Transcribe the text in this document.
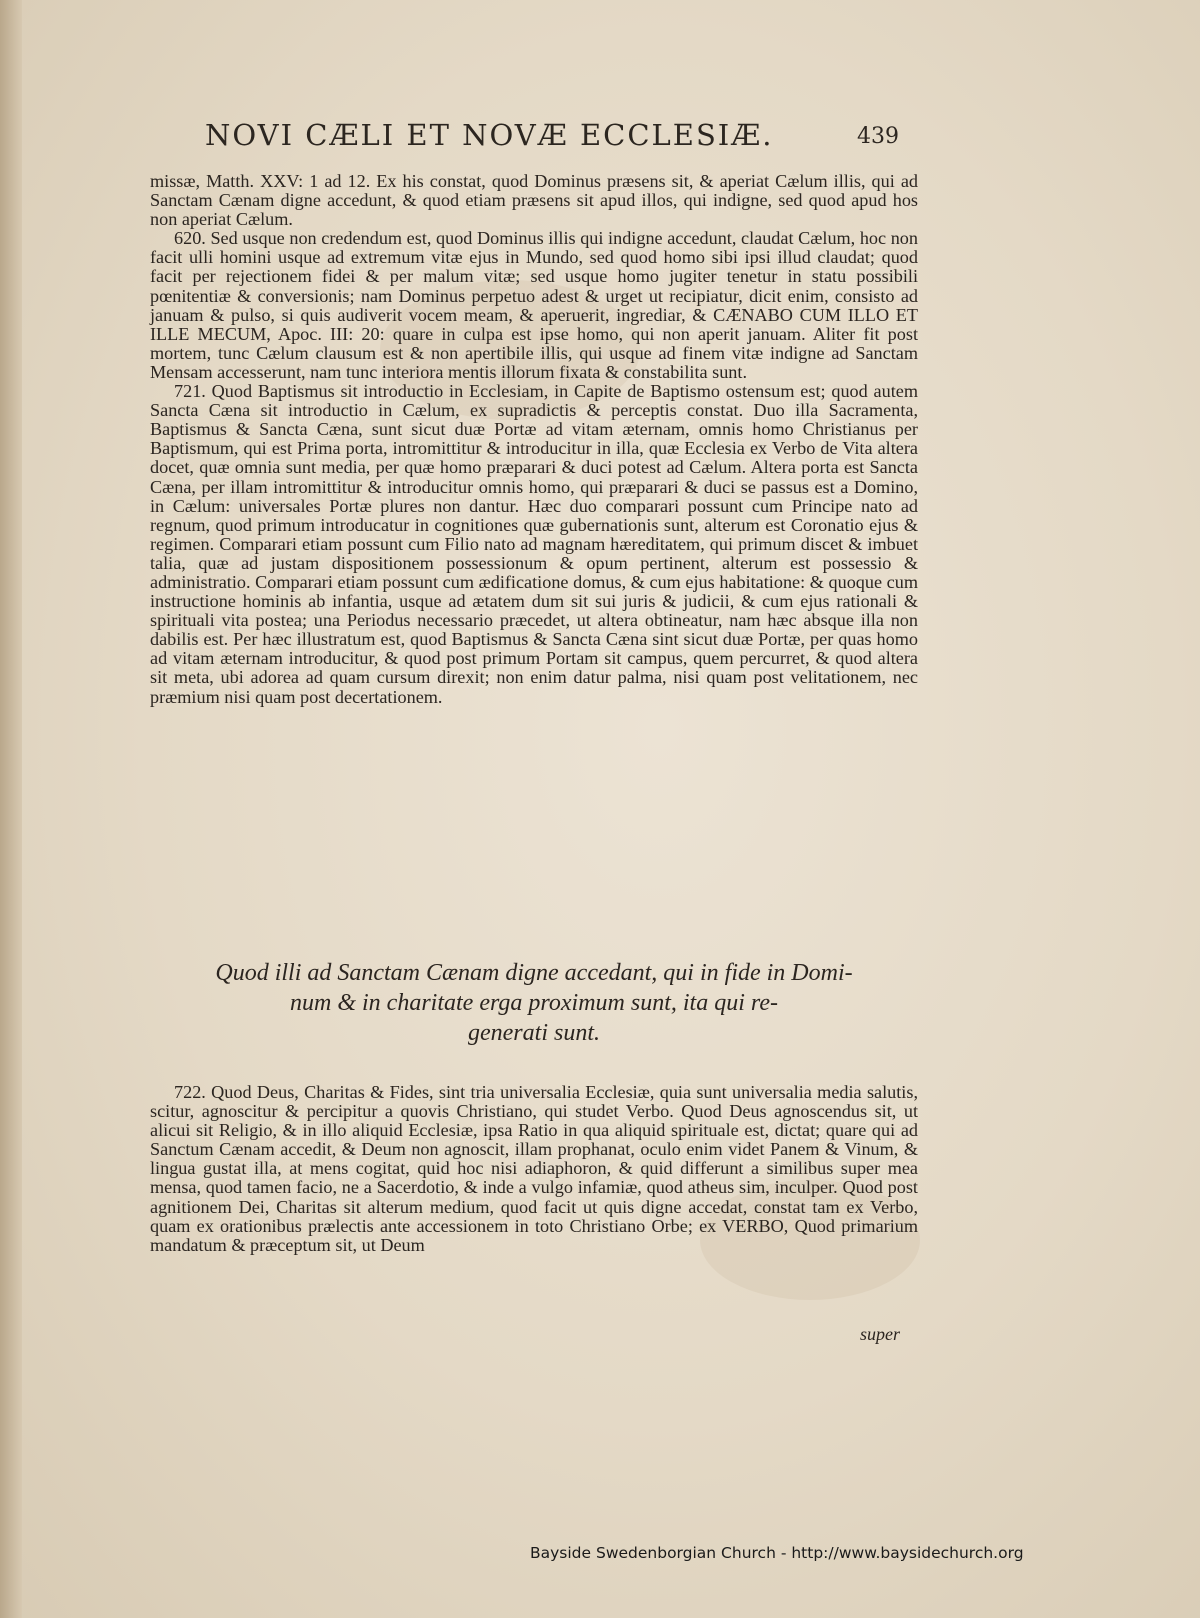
NOVI CÆLI ET NOVÆ ECCLESIÆ.	439

missæ, Matth. XXV: 1 ad 12. Ex his constat, quod Dominus præsens sit, & aperiat Cælum illis, qui ad Sanctam Cænam digne accedunt, & quod etiam præsens sit apud illos, qui indigne, sed quod apud hos non aperiat Cælum.

620. Sed usque non credendum est, quod Dominus illis qui indigne accedunt, claudat Cælum, hoc non facit ulli homini usque ad extremum vitæ ejus in Mundo, sed quod homo sibi ipsi illud claudat; quod facit per rejectionem fidei & per malum vitæ; sed usque homo jugiter tenetur in statu possibili pœnitentiæ & conversionis; nam Dominus perpetuo adest & urget ut recipiatur, dicit enim, consisto ad januam & pulso, si quis audiverit vocem meam, & aperuerit, ingrediar, & CÆNABO CUM ILLO ET ILLE MECUM, Apoc. III: 20: quare in culpa est ipse homo, qui non aperit januam. Aliter fit post mortem, tunc Cælum clausum est & non apertibile illis, qui usque ad finem vitæ indigne ad Sanctam Mensam accesserunt, nam tunc interiora mentis illorum fixata & constabilita sunt.

721. Quod Baptismus sit introductio in Ecclesiam, in Capite de Baptismo ostensum est; quod autem Sancta Cæna sit introductio in Cælum, ex supradictis & perceptis constat. Duo illa Sacramenta, Baptismus & Sancta Cæna, sunt sicut duæ Portæ ad vitam æternam, omnis homo Christianus per Baptismum, qui est Prima porta, intromittitur & introducitur in illa, quæ Ecclesia ex Verbo de Vita altera docet, quæ omnia sunt media, per quæ homo præparari & duci potest ad Cælum. Altera porta est Sancta Cæna, per illam intromittitur & introducitur omnis homo, qui præparari & duci se passus est a Domino, in Cælum: universales Portæ plures non dantur. Hæc duo comparari possunt cum Principe nato ad regnum, quod primum introducatur in cognitiones quæ gubernationis sunt, alterum est Coronatio ejus & regimen. Comparari etiam possunt cum Filio nato ad magnam hæreditatem, qui primum discet & imbuet talia, quæ ad justam dispositionem possessionum & opum pertinent, alterum est possessio & administratio. Comparari etiam possunt cum ædificatione domus, & cum ejus habitatione: & quoque cum instructione hominis ab infantia, usque ad ætatem dum sit sui juris & judicii, & cum ejus rationali & spirituali vita postea; una Periodus necessario præcedet, ut altera obtineatur, nam hæc absque illa non dabilis est. Per hæc illustratum est, quod Baptismus & Sancta Cæna sint sicut duæ Portæ, per quas homo ad vitam æternam introducitur, & quod post primum Portam sit campus, quem percurret, & quod altera sit meta, ubi adorea ad quam cursum direxit; non enim datur palma, nisi quam post velitationem, nec præmium nisi quam post decertationem.

Quod illi ad Sanctam Cænam digne accedant, qui in fide in Domi-
num & in charitate erga proximum sunt, ita qui re-
generati sunt.

722. Quod Deus, Charitas & Fides, sint tria universalia Ecclesiæ, quia sunt universalia media salutis, scitur, agnoscitur & percipitur a quovis Christiano, qui studet Verbo. Quod Deus agnoscendus sit, ut alicui sit Religio, & in illo aliquid Ecclesiæ, ipsa Ratio in qua aliquid spirituale est, dictat; quare qui ad Sanctum Cænam accedit, & Deum non agnoscit, illam prophanat, oculo enim videt Panem & Vinum, & lingua gustat illa, at mens cogitat, quid hoc nisi adiaphoron, & quid differunt a similibus super mea mensa, quod tamen facio, ne a Sacerdotio, & inde a vulgo infamiæ, quod atheus sim, inculper. Quod post agnitionem Dei, Charitas sit alterum medium, quod facit ut quis digne accedat, constat tam ex Verbo, quam ex orationibus prælectis ante accessionem in toto Christiano Orbe; ex VERBO, Quod primarium mandatum & præceptum sit, ut Deum

super
Bayside Swedenborgian Church - http://www.baysidechurch.org
